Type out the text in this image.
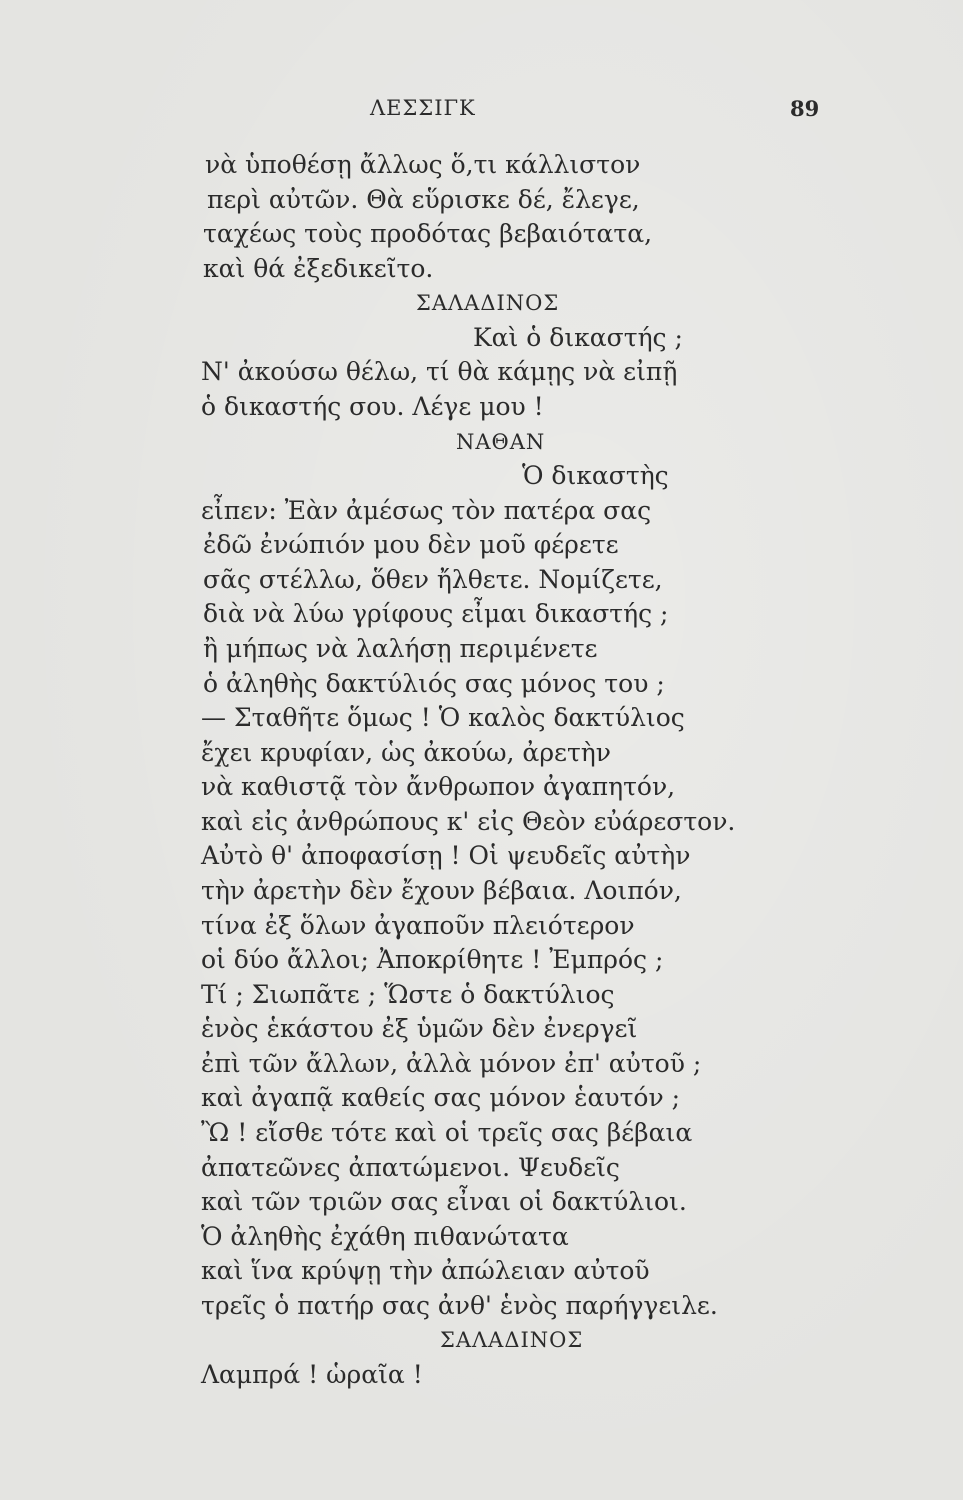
ΛΕΣΣΙΓΚ	89
νὰ ὑποθέσῃ ἄλλως ὅ,τι κάλλιστον
περὶ αὐτῶν. Θὰ εὕρισκε δέ, ἔλεγε,
ταχέως τοὺς προδότας βεβαιότατα,
καὶ θά ἐξεδικεῖτο.
ΣΑΛΑΔΙΝΟΣ
Καὶ ὁ δικαστής ;
Ν' ἀκούσω θέλω, τί θὰ κάμῃς νὰ εἰπῇ
ὁ δικαστής σου. Λέγε μου !
ΝΑΘΑΝ
Ὁ δικαστὴς
εἶπεν: Ἐὰν ἀμέσως τὸν πατέρα σας
ἐδῶ ἐνώπιόν μου δὲν μοῦ φέρετε
σᾶς στέλλω, ὅθεν ἤλθετε. Νομίζετε,
διὰ νὰ λύω γρίφους εἶμαι δικαστής ;
ἢ μήπως νὰ λαλήσῃ περιμένετε
ὁ ἀληθὴς δακτύλιός σας μόνος του ;
— Σταθῆτε ὅμως ! Ὁ καλὸς δακτύλιος
ἔχει κρυφίαν, ὡς ἀκούω, ἀρετὴν
νὰ καθιστᾷ τὸν ἄνθρωπον ἀγαπητόν,
καὶ εἰς ἀνθρώπους κ' εἰς Θεὸν εὐάρεστον.
Αὐτὸ θ' ἀποφασίσῃ ! Οἱ ψευδεῖς αὐτὴν
τὴν ἀρετὴν δὲν ἔχουν βέβαια. Λοιπόν,
τίνα ἐξ ὅλων ἀγαποῦν πλειότερον
οἱ δύο ἄλλοι; Ἀποκρίθητε ! Ἐμπρός ;
Τί ; Σιωπᾶτε ; Ὥστε ὁ δακτύλιος
ἑνὸς ἑκάστου ἐξ ὑμῶν δὲν ἐνεργεῖ
ἐπὶ τῶν ἄλλων, ἀλλὰ μόνον ἐπ' αὐτοῦ ;
καὶ ἀγαπᾷ καθείς σας μόνον ἑαυτόν ;
Ὢ ! εἴσθε τότε καὶ οἱ τρεῖς σας βέβαια
ἀπατεῶνες ἀπατώμενοι. Ψευδεῖς
καὶ τῶν τριῶν σας εἶναι οἱ δακτύλιοι.
Ὁ ἀληθὴς ἐχάθη πιθανώτατα
καὶ ἵνα κρύψῃ τὴν ἀπώλειαν αὐτοῦ
τρεῖς ὁ πατήρ σας ἀνθ' ἑνὸς παρήγγειλε.
ΣΑΛΑΔΙΝΟΣ
Λαμπρά ! ὡραῖα !
